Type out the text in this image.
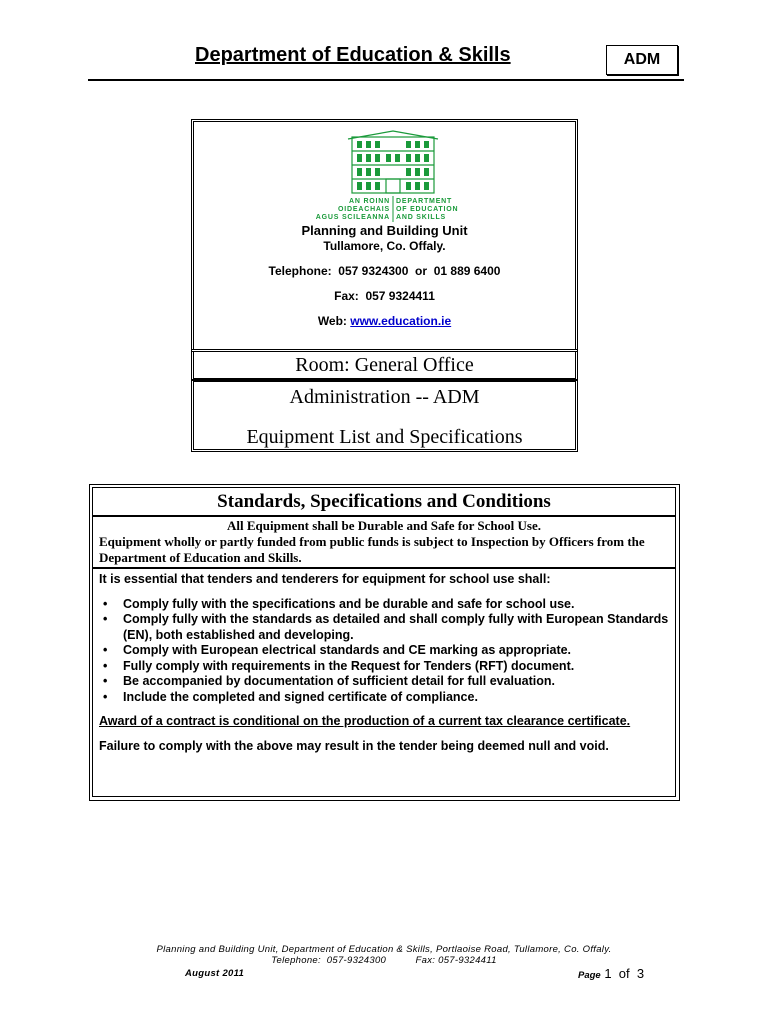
Department of Education & Skills	ADM
AN ROINN
OIDEACHAIS
AGUS SCILEANNA
DEPARTMENT
OF EDUCATION
AND SKILLS
Planning and Building Unit
Tullamore, Co. Offaly.
Telephone:  057 9324300  or  01 889 6400
Fax:  057 9324411
Web: www.education.ie
Room: General Office
Administration -- ADM
Equipment List and Specifications
Standards, Specifications and Conditions
All Equipment shall be Durable and Safe for School Use.
Equipment wholly or partly funded from public funds is subject to Inspection by Officers from the Department of Education and Skills.

It is essential that tenders and tenderers for equipment for school use shall:

• Comply fully with the specifications and be durable and safe for school use.
• Comply fully with the standards as detailed and shall comply fully with European Standards (EN), both established and developing.
• Comply with European electrical standards and CE marking as appropriate.
• Fully comply with requirements in the Request for Tenders (RFT) document.
• Be accompanied by documentation of sufficient detail for full evaluation.
• Include the completed and signed certificate of compliance.

Award of a contract is conditional on the production of a current tax clearance certificate.

Failure to comply with the above may result in the tender being deemed null and void.

Planning and Building Unit, Department of Education & Skills, Portlaoise Road, Tullamore, Co. Offaly.
Telephone:  057-9324300          Fax: 057-9324411
August 2011	Page 1  of  3
